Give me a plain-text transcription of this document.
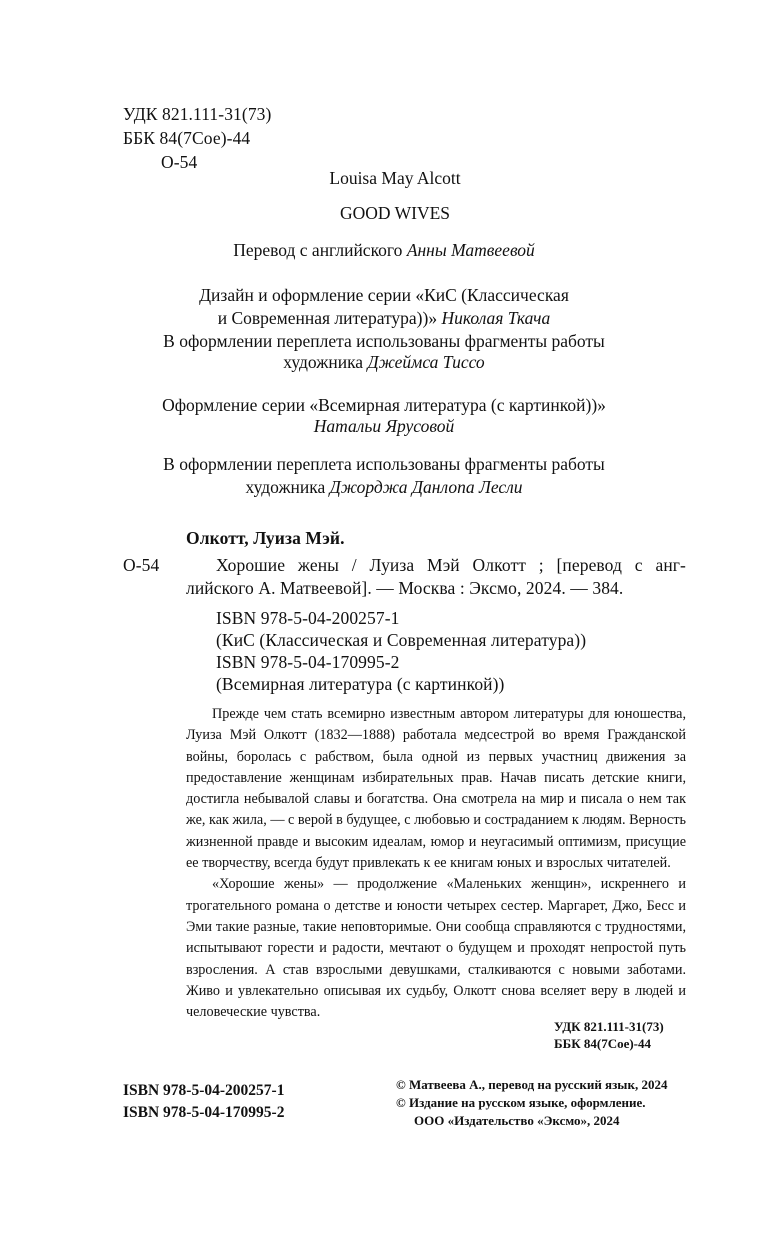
УДК 821.111-31(73)
ББК 84(7Сое)-44
О-54
Louisa May Alcott
GOOD WIVES
Перевод с английского Анны Матвеевой
Дизайн и оформление серии «КиС (Классическая
и Современная литература))» Николая Ткача
В оформлении переплета использованы фрагменты работы
художника Джеймса Тиссо
Оформление серии «Всемирная литература (с картинкой))»
Натальи Ярусовой
В оформлении переплета использованы фрагменты работы
художника Джорджа Данлопа Лесли
Олкотт, Луиза Мэй.
О-54	Хорошие жены / Луиза Мэй Олкотт ; [перевод с анг-
лийского А. Матвеевой]. — Москва : Эксмо, 2024. — 384.
ISBN 978-5-04-200257-1
(КиС (Классическая и Современная литература))
ISBN 978-5-04-170995-2
(Всемирная литература (с картинкой))

Прежде чем стать всемирно известным автором литературы для юношества, Луиза Мэй Олкотт (1832—1888) работала медсестрой во время Гражданской войны, боролась с рабством, была одной из первых участниц движения за предоставление женщинам избирательных прав. Начав писать детские книги, достигла небывалой славы и богатства. Она смотрела на мир и писала о нем так же, как жила, — с верой в будущее, с любовью и состраданием к людям. Верность жизненной правде и высоким идеалам, юмор и неугасимый оптимизм, присущие ее творчеству, всегда будут привлекать к ее книгам юных и взрослых читателей.

«Хорошие жены» — продолжение «Маленьких женщин», искреннего и трогательного романа о детстве и юности четырех сестер. Маргарет, Джо, Бесс и Эми такие разные, такие неповторимые. Они сообща справляются с трудностями, испытывают горести и радости, мечтают о будущем и проходят непростой путь взросления. А став взрослыми девушками, сталкиваются с новыми заботами. Живо и увлекательно описывая их судьбу, Олкотт снова вселяет веру в людей и человеческие чувства.

УДК 821.111-31(73)
ББК 84(7Сое)-44
ISBN 978-5-04-200257-1
ISBN 978-5-04-170995-2
© Матвеева А., перевод на русский язык, 2024
© Издание на русском языке, оформление.
ООО «Издательство «Эксмо», 2024
